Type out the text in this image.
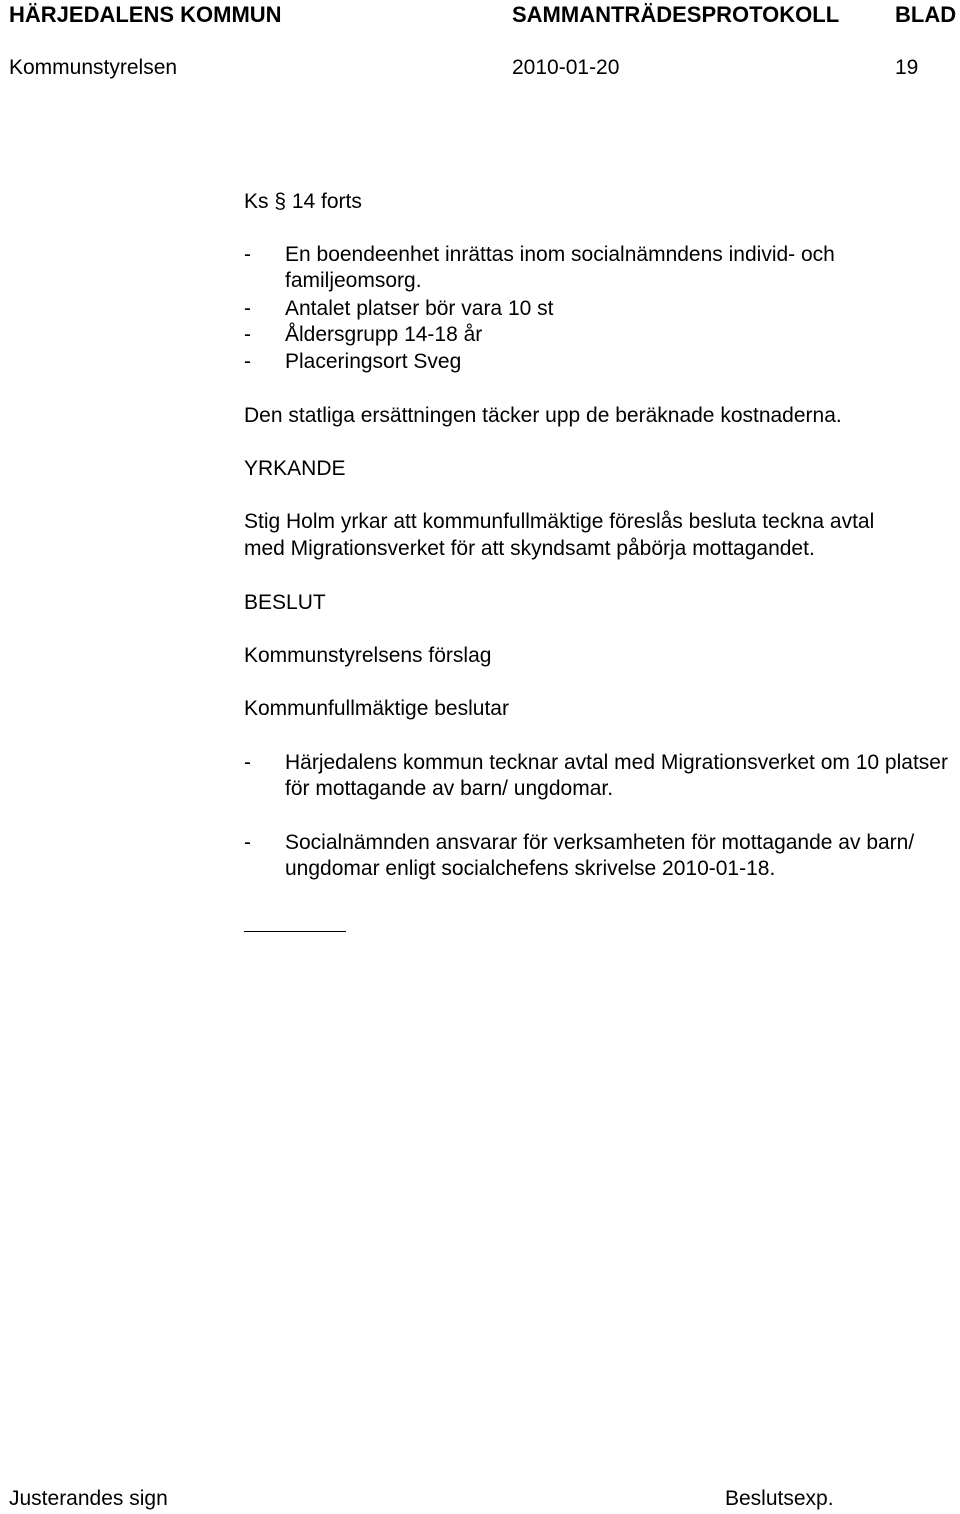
HÄRJEDALENS KOMMUN	SAMMANTRÄDESPROTOKOLL	BLAD
Kommunstyrelsen	2010-01-20	19
Ks § 14 forts
-	En boendeenhet inrättas inom socialnämndens individ- och familjeomsorg.
-	Antalet platser bör vara 10 st
-	Åldersgrupp 14-18 år
-	Placeringsort Sveg
Den statliga ersättningen täcker upp de beräknade kostnaderna.
YRKANDE
Stig Holm yrkar att kommunfullmäktige föreslås besluta teckna avtal
med Migrationsverket för att skyndsamt påbörja mottagandet.
BESLUT
Kommunstyrelsens förslag
Kommunfullmäktige beslutar
-	Härjedalens kommun tecknar avtal med Migrationsverket om 10 platser för mottagande av barn/ ungdomar.
-	Socialnämnden ansvarar för verksamheten för mottagande av barn/ ungdomar enligt socialchefens skrivelse 2010-01-18.
Justerandes sign	Beslutsexp.
